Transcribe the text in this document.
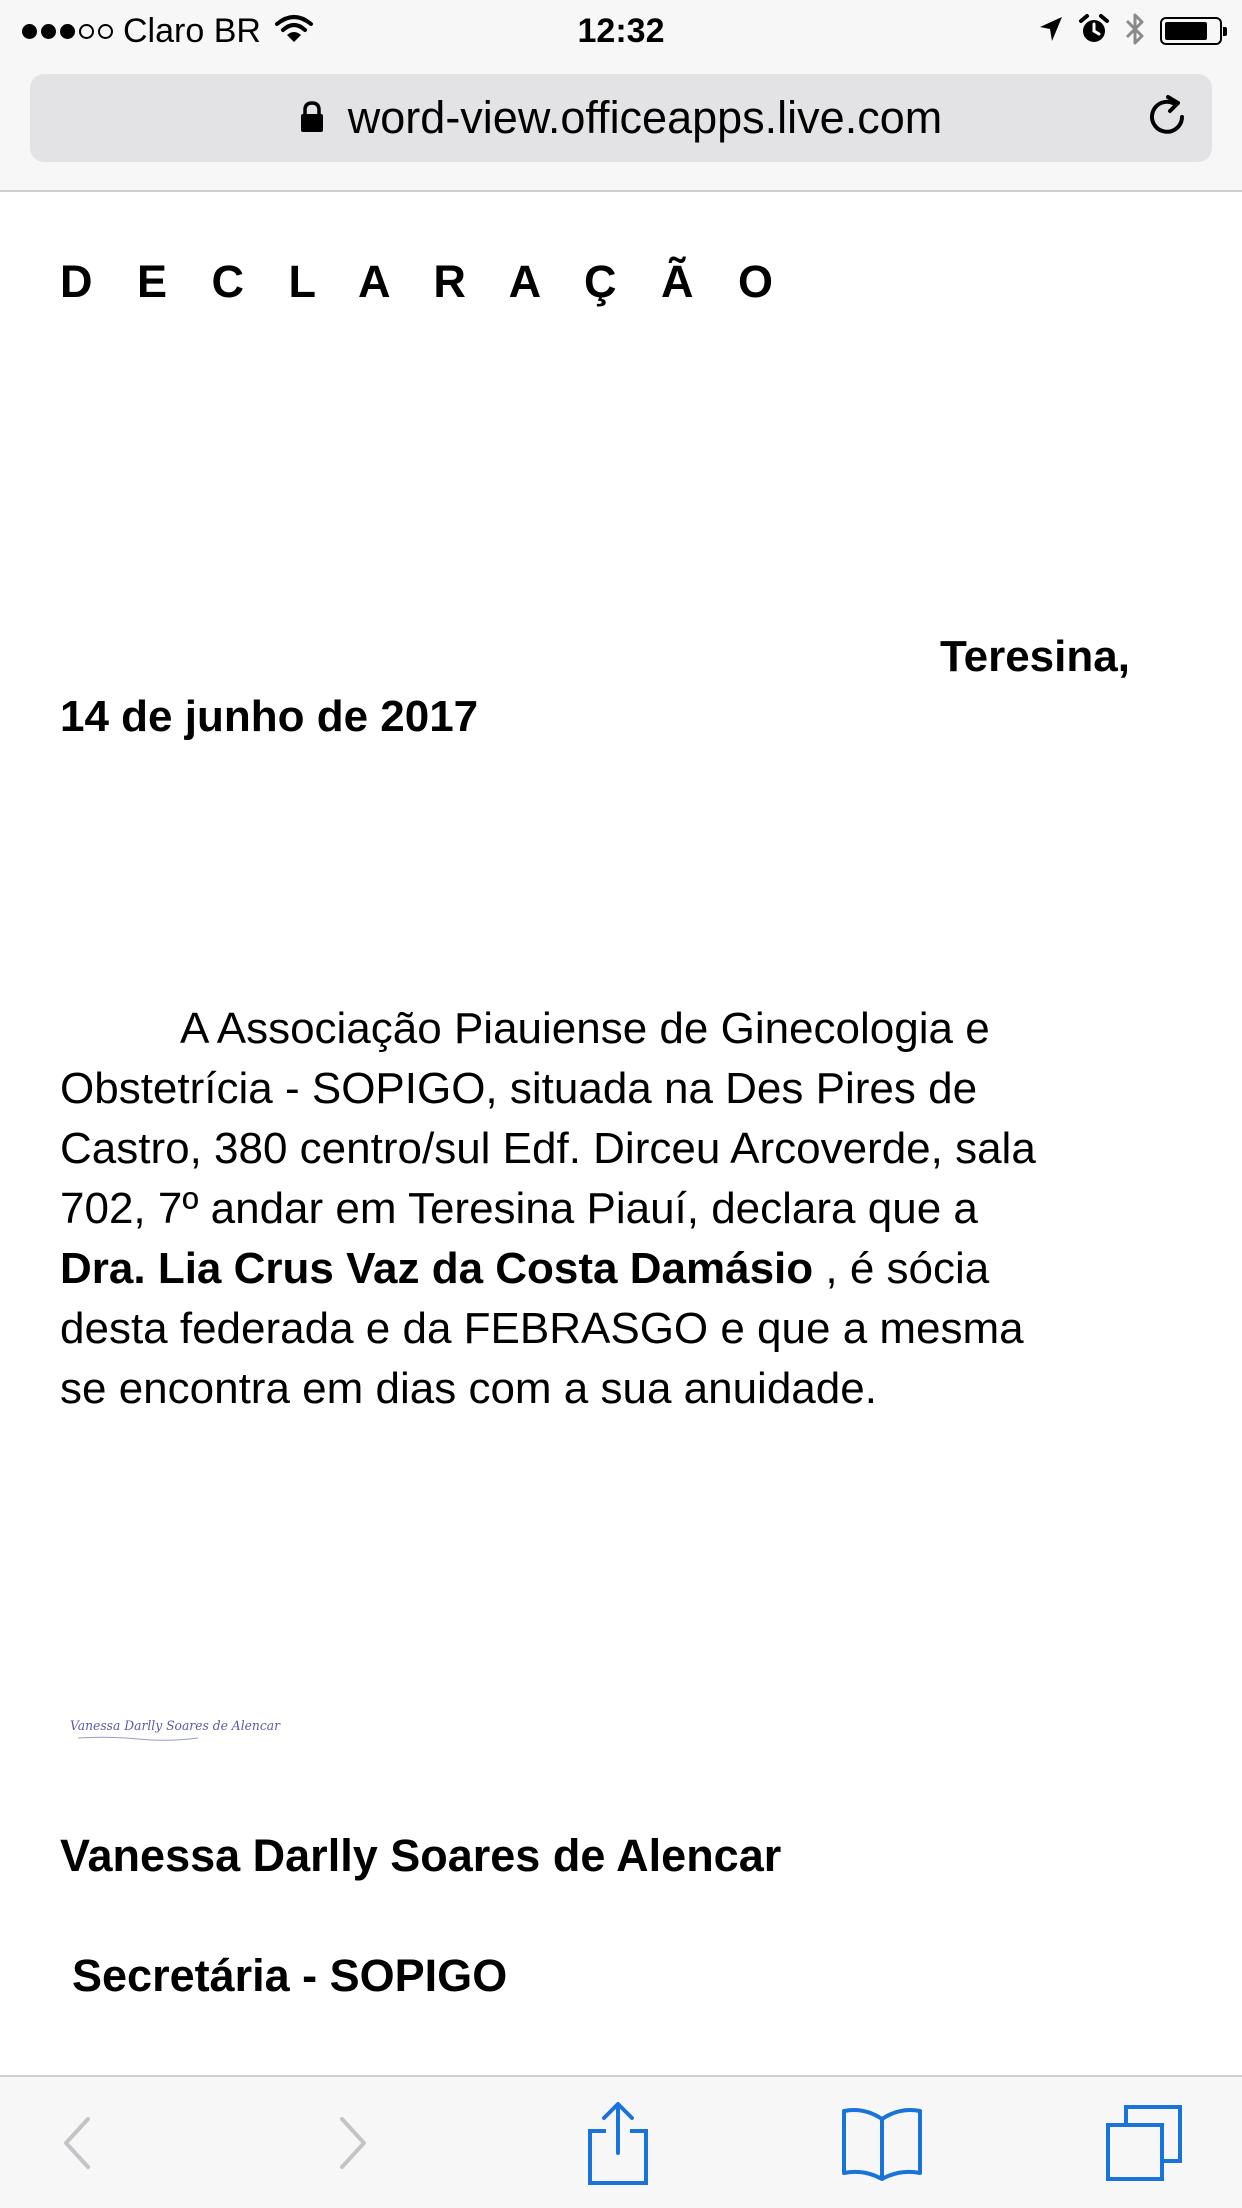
Claro BR	12:32
word-view.officeapps.live.com
D E C L A R A Ç Ã O
Teresina,
14 de junho de 2017
A Associação Piauiense de Ginecologia e
Obstetrícia - SOPIGO, situada na Des Pires de
Castro, 380 centro/sul Edf. Dirceu Arcoverde, sala
702, 7º andar em Teresina Piauí, declara que a
Dra. Lia Crus Vaz da Costa Damásio , é sócia
desta federada e da FEBRASGO e que a mesma
se encontra em dias com a sua anuidade.
Vanessa Darlly Soares de Alencar
Vanessa Darlly Soares de Alencar
Secretária - SOPIGO
